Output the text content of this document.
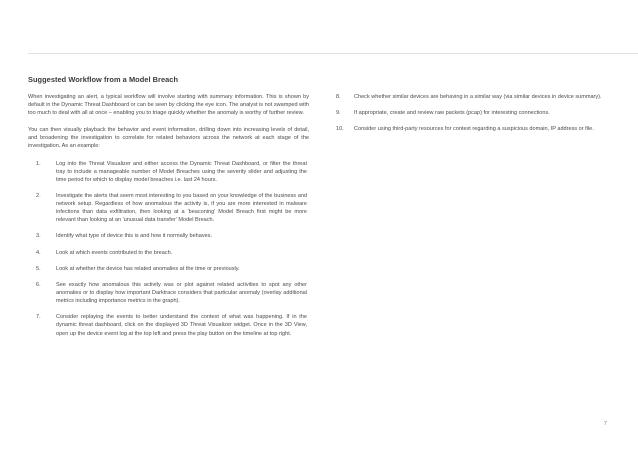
Suggested Workflow from a Model Breach

When investigating an alert, a typical workflow will involve starting with summary information. This is shown by default in the Dynamic Threat Dashboard or can be seen by clicking the eye icon. The analyst is not swamped with too much to deal with all at once – enabling you to triage quickly whether the anomaly is worthy of further review.

You can then visually playback the behavior and event information, drilling down into increasing levels of detail, and broadening the investigation to correlate for related behaviors across the network at each stage of the investigation. As an example:

1.	Log into the Threat Visualizer and either access the Dynamic Threat Dashboard, or filter the threat tray to include a manageable number of Model Breaches using the severity slider and adjusting the time period for which to display model breaches i.e. last 24 hours.
2.	Investigate the alerts that seem most interesting to you based on your knowledge of the business and network setup. Regardless of how anomalous the activity is, if you are more interested in malware infections than data exfiltration, then looking at a 'beaconing' Model Breach first might be more relevant than looking at an 'unusual data transfer' Model Breach.
3.	Identify what type of device this is and how it normally behaves.
4.	Look at which events contributed to the breach.
5.	Look at whether the device has related anomalies at the time or previously.
6.	See exactly how anomalous this activity was or plot against related activities to spot any other anomalies or to display how important Darktrace considers that particular anomaly (overlay additional metrics including importance metrics in the graph).
7.	Consider replaying the events to better understand the context of what was happening. If in the dynamic threat dashboard, click on the displayed 3D Threat Visualizer widget. Once in the 3D View, open up the device event log at the top left and press the play button on the timeline at top right.
8. Check whether similar devices are behaving in a similar way (via similar devices in device summary).
9. If appropriate, create and review raw packets (pcap) for interesting connections.
10. Consider using third-party resources for context regarding a suspicious domain, IP address or file.
7
